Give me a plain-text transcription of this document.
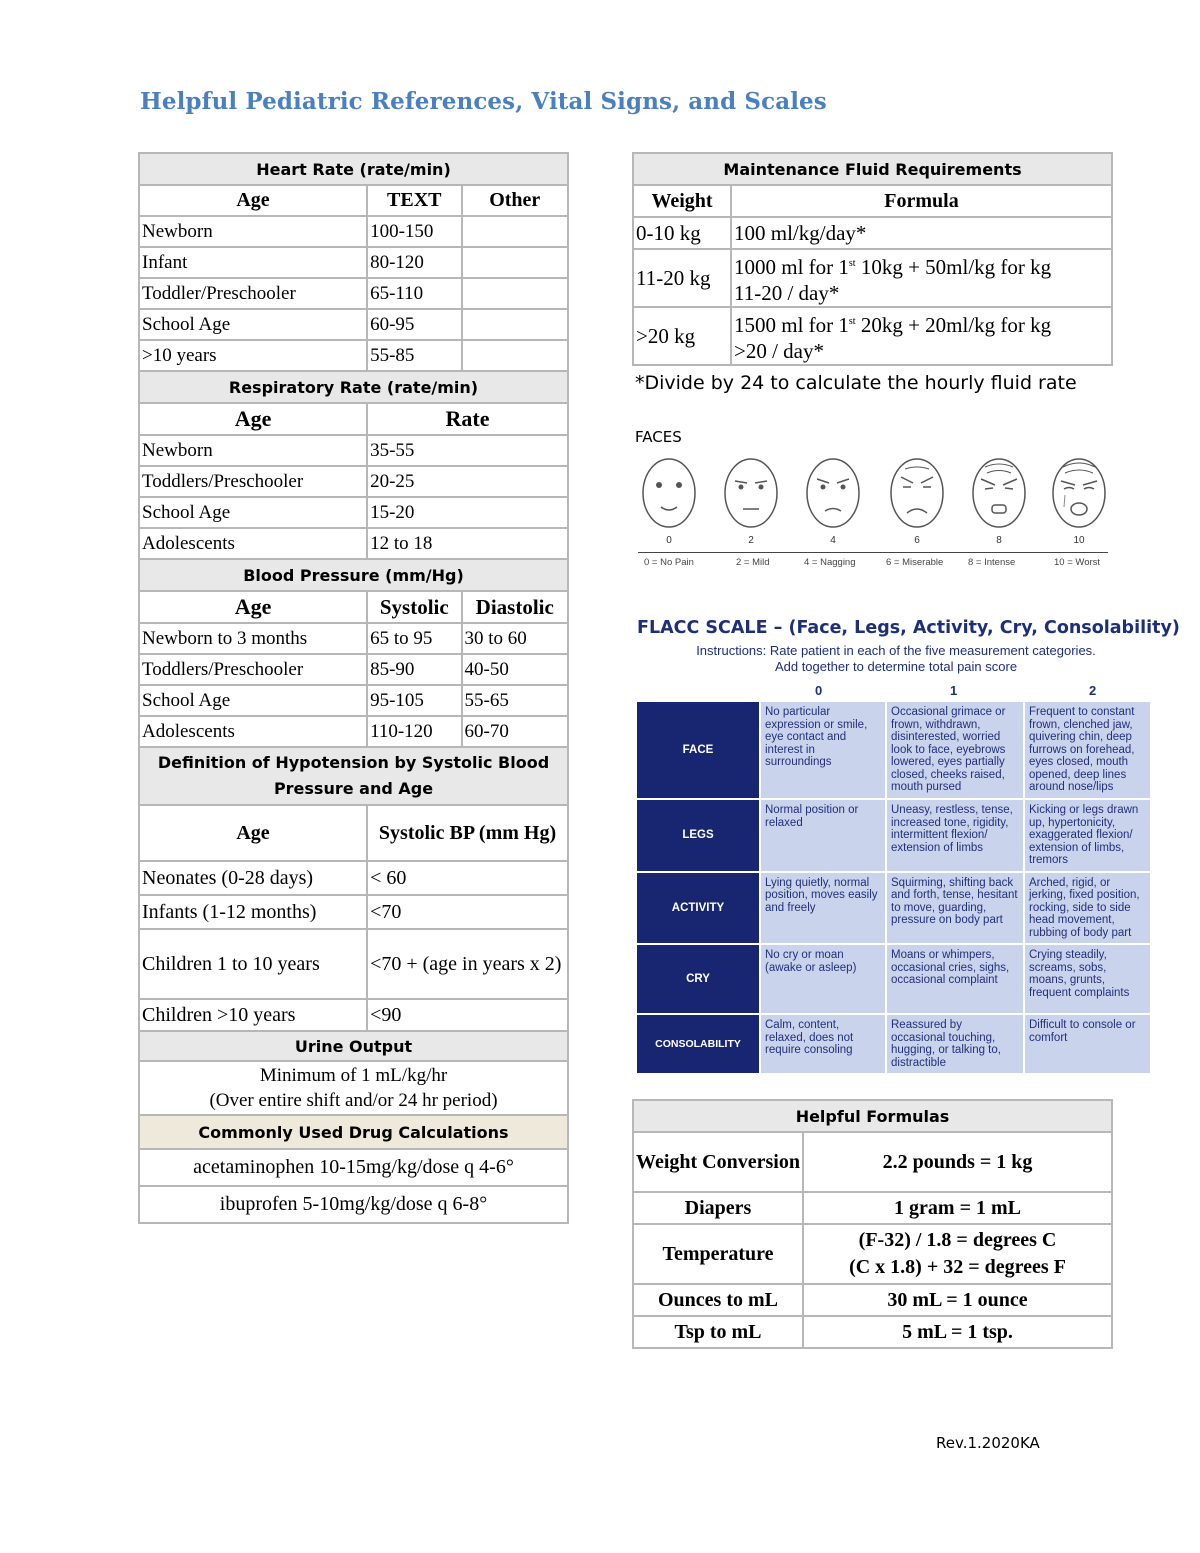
Helpful Pediatric References, Vital Signs, and Scales
Heart Rate (rate/min)		
Age	TEXT	Other
Newborn	100-150	
Infant	80-120	
Toddler/Preschooler	65-110	
School Age	60-95	
>10 years	55-85	
Respiratory Rate (rate/min)		
Age	Rate	
Newborn	35-55	
Toddlers/Preschooler	20-25	
School Age	15-20	
Adolescents	12 to 18	
Blood Pressure (mm/Hg)		
Age	Systolic	Diastolic
Newborn to 3 months	65 to 95	30 to 60
Toddlers/Preschooler	85-90	40-50
School Age	95-105	55-65
Adolescents	110-120	60-70
Definition of Hypotension by Systolic Blood Pressure and Age		
Age	Systolic BP (mm Hg)	
Neonates (0-28 days)	< 60	
Infants (1-12 months)	<70	
Children 1 to 10 years	<70 + (age in years x 2)	
Children >10 years	<90	
Urine Output		
Minimum of 1 mL/kg/hr
(Over entire shift and/or 24 hr period)		
Commonly Used Drug Calculations		
acetaminophen 10-15mg/kg/dose q 4-6°		
ibuprofen 5-10mg/kg/dose q 6-8°		
Maintenance Fluid Requirements	
Weight	Formula
0-10 kg	100 ml/kg/day*
11-20 kg	1000 ml for 1st 10kg + 50ml/kg for kg
11-20 / day*
>20 kg	1500 ml for 1st 20kg + 20ml/kg for kg
>20 / day*
*Divide by 24 to calculate the hourly fluid rate
FACES
0	2	4	6	8	10
0 = No Pain	2 = Mild	4 = Nagging	6 = Miserable	8 = Intense	10 = Worst
FLACC SCALE – (Face, Legs, Activity, Cry, Consolability)
Instructions: Rate patient in each of the five measurement categories.
Add together to determine total pain score
0	1	2
FACE	No particular expression or smile, eye contact and interest in surroundings	Occasional grimace or frown, withdrawn, disinterested, worried look to face, eyebrows lowered, eyes partially closed, cheeks raised, mouth pursed	Frequent to constant frown, clenched jaw, quivering chin, deep furrows on forehead, eyes closed, mouth opened, deep lines around nose/lips
LEGS	Normal position or relaxed	Uneasy, restless, tense, increased tone, rigidity, intermittent flexion/ extension of limbs	Kicking or legs drawn up, hypertonicity, exaggerated flexion/ extension of limbs, tremors
ACTIVITY	Lying quietly, normal position, moves easily and freely	Squirming, shifting back and forth, tense, hesitant to move, guarding, pressure on body part	Arched, rigid, or jerking, fixed position, rocking, side to side head movement, rubbing of body part
CRY	No cry or moan (awake or asleep)	Moans or whimpers, occasional cries, sighs, occasional complaint	Crying steadily, screams, sobs, moans, grunts, frequent complaints
CONSOLABILITY	Calm, content, relaxed, does not require consoling	Reassured by occasional touching, hugging, or talking to, distractible	Difficult to console or comfort
Helpful Formulas	
Weight Conversion	2.2 pounds = 1 kg
Diapers	1 gram = 1 mL
Temperature	(F-32) / 1.8 = degrees C
(C x 1.8) + 32 = degrees F
Ounces to mL	30 mL = 1 ounce
Tsp to mL	5 mL = 1 tsp.
Rev.1.2020KA
